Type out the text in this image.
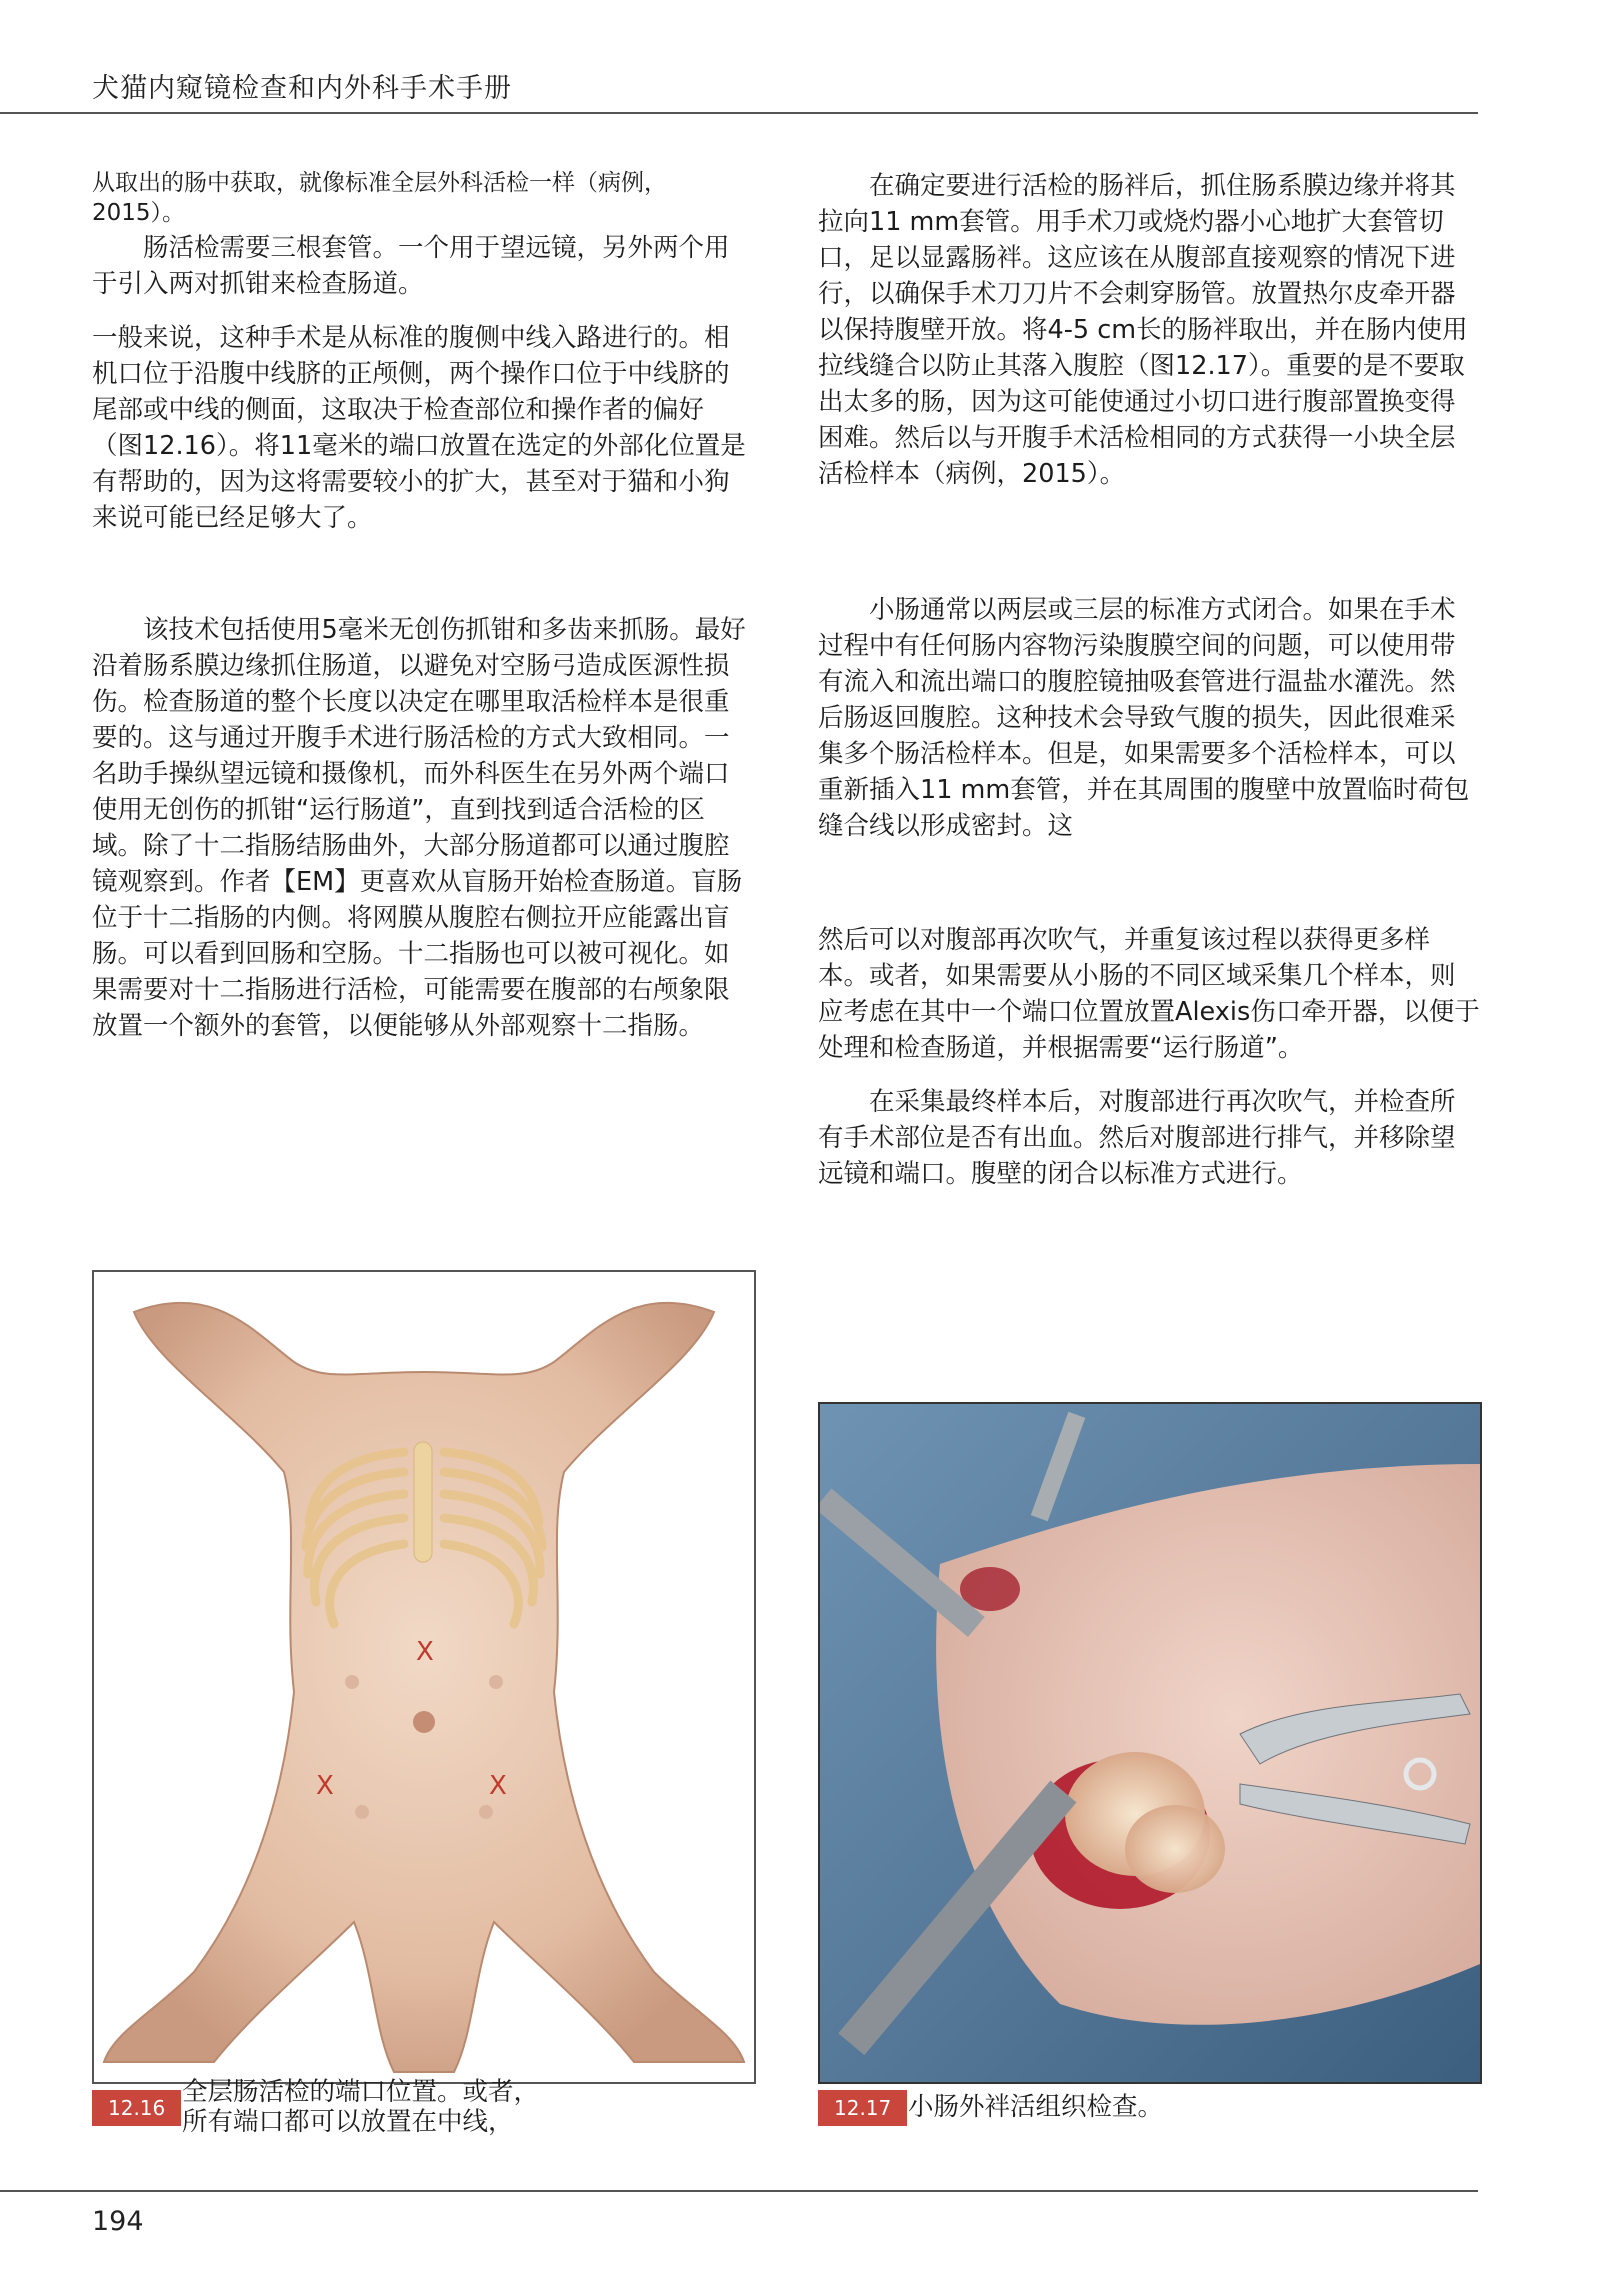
犬猫内窥镜检查和内外科手术手册

从取出的肠中获取，就像标准全层外科活检一样（病例，2015）。

肠活检需要三根套管。一个用于望远镜，另外两个用于引入两对抓钳来检查肠道。

一般来说，这种手术是从标准的腹侧中线入路进行的。相机口位于沿腹中线脐的正颅侧，两个操作口位于中线脐的尾部或中线的侧面，这取决于检查部位和操作者的偏好（图12.16）。将11毫米的端口放置在选定的外部化位置是有帮助的，因为这将需要较小的扩大，甚至对于猫和小狗来说可能已经足够大了。

该技术包括使用5毫米无创伤抓钳和多齿来抓肠。最好沿着肠系膜边缘抓住肠道，以避免对空肠弓造成医源性损伤。检查肠道的整个长度以决定在哪里取活检样本是很重要的。这与通过开腹手术进行肠活检的方式大致相同。一名助手操纵望远镜和摄像机，而外科医生在另外两个端口使用无创伤的抓钳“运行肠道”，直到找到适合活检的区域。除了十二指肠结肠曲外，大部分肠道都可以通过腹腔镜观察到。作者【EM】更喜欢从盲肠开始检查肠道。盲肠位于十二指肠的内侧。将网膜从腹腔右侧拉开应能露出盲肠。可以看到回肠和空肠。十二指肠也可以被可视化。如果需要对十二指肠进行活检，可能需要在腹部的右颅象限放置一个额外的套管，以便能够从外部观察十二指肠。

在确定要进行活检的肠袢后，抓住肠系膜边缘并将其拉向11 mm套管。用手术刀或烧灼器小心地扩大套管切口，足以显露肠袢。这应该在从腹部直接观察的情况下进行，以确保手术刀刀片不会刺穿肠管。放置热尔皮牵开器以保持腹壁开放。将4-5 cm长的肠袢取出，并在肠内使用拉线缝合以防止其落入腹腔（图12.17）。重要的是不要取出太多的肠，因为这可能使通过小切口进行腹部置换变得困难。然后以与开腹手术活检相同的方式获得一小块全层活检样本（病例，2015）。

小肠通常以两层或三层的标准方式闭合。如果在手术过程中有任何肠内容物污染腹膜空间的问题，可以使用带有流入和流出端口的腹腔镜抽吸套管进行温盐水灌洗。然后肠返回腹腔。这种技术会导致气腹的损失，因此很难采集多个肠活检样本。但是，如果需要多个活检样本，可以重新插入11 mm套管，并在其周围的腹壁中放置临时荷包缝合线以形成密封。这

然后可以对腹部再次吹气，并重复该过程以获得更多样本。或者，如果需要从小肠的不同区域采集几个样本，则应考虑在其中一个端口位置放置Alexis伤口牵开器，以便于处理和检查肠道，并根据需要“运行肠道”。

在采集最终样本后，对腹部进行再次吹气，并检查所有手术部位是否有出血。然后对腹部进行排气，并移除望远镜和端口。腹壁的闭合以标准方式进行。

X
X	X
12.16
全层肠活检的端口位置。或者，
所有端口都可以放置在中线，	12.17 小肠外袢活组织检查。
194
